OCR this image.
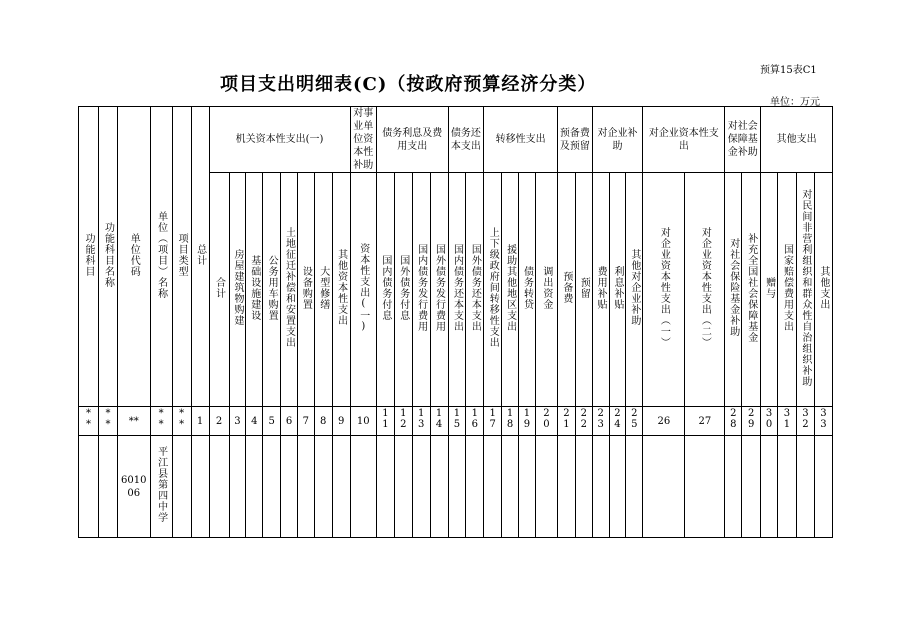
预算15表C1
项目支出明细表(C)（按政府预算经济分类）
单位：万元
功能科目	功能科目名称	单位代码	单位（项目）名称	项目类型	总计	机关资本性支出(一)								对事业单位资本性补助	债务利息及费用支出				债务还本支出		转移性支出				预备费及预留		对企业补助			对企业资本性支出		对社会保障基金补助		其他支出			
						合计	房屋建筑物购建	基础设施建设	公务用车购置	土地征迁补偿和安置支出	设备购置	大型修缮	其他资本性支出	资本性支出(一)	国内债务付息	国外债务付息	国内债务发行费用	国外债务发行费用	国内债务还本支出	国外债务还本支出	上下级政府间转移性支出	援助其他地区支出	债务转贷	调出资金	预备费	预留	费用补贴	利息补贴	其他对企业补助	对企业资本性支出（一）	对企业资本性支出（二）	对社会保险基金补助	补充全国社会保障基金	赠与	国家赔偿费用支出	对民间非营利组织和群众性自治组织补助	其他支出
**	**	**	**	**	1	2	3	4	5	6	7	8	9	10	11	12	13	14	15	16	17	18	19	20	21	22	23	24	25	26	27	28	29	30	31	32	33
		601006	平江县第四中学																																		
